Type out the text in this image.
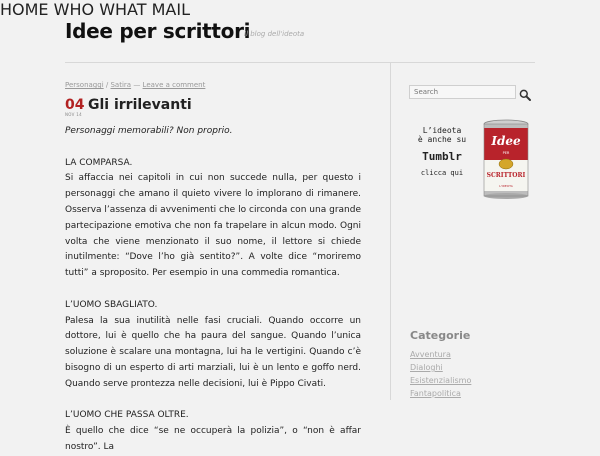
Idee per scrittori
Il blog dell'ideota
HOME WHO WHAT MAIL
Personaggi / Satira — Leave a comment
04 Gli irrilevanti
NOV 14

Personaggi memorabili? Non proprio.

LA COMPARSA.

Si affaccia nei capitoli in cui non succede nulla, per questo i personaggi che amano il quieto vivere lo implorano di rimanere. Osserva l’assenza di avvenimenti che lo circonda con una grande partecipazione emotiva che non fa trapelare in alcun modo. Ogni volta che viene menzionato il suo nome, il lettore si chiede inutilmente: “Dove l’ho già sentito?”. A volte dice “moriremo tutti” a sproposito. Per esempio in una commedia romantica.

L’UOMO SBAGLIATO.

Palesa la sua inutilità nelle fasi cruciali. Quando occorre un dottore, lui è quello che ha paura del sangue. Quando l’unica soluzione è scalare una montagna, lui ha le vertigini. Quando c’è bisogno di un esperto di arti marziali, lui è un lento e goffo nerd. Quando serve prontezza nelle decisioni, lui è Pippo Civati.

L’UOMO CHE PASSA OLTRE.

È quello che dice “se ne occuperà la polizia”, o “non è affar nostro”. La

Search
L’ideota
è anche su
Tumblr
clicca qui
Idee
PER
SCRITTORI
L'IDEOTA
Categorie
Avventura
Dialoghi
Esistenzialismo
Fantapolitica
